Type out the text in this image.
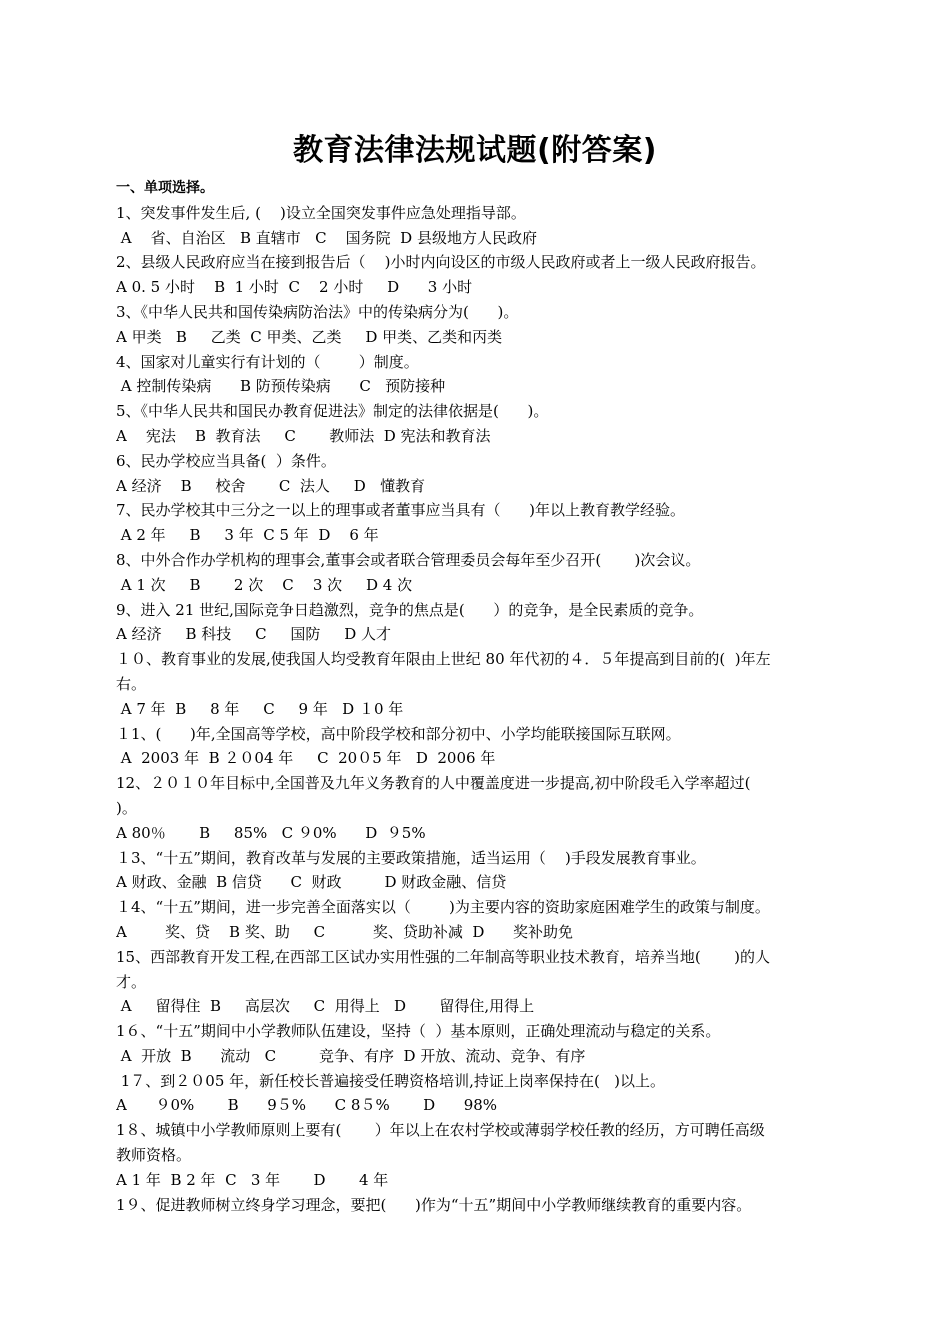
教育法律法规试题(附答案)
一、单项选择。
1、突发事件发生后, (    )设立全国突发事件应急处理指导部。
A    省、自治区   B 直辖市   C    国务院  D 县级地方人民政府
2、县级人民政府应当在接到报告后（    )小时内向设区的市级人民政府或者上一级人民政府报告。
A 0. 5 小时    B  1 小时  C    2 小时     D      3 小时
3、《中华人民共和国传染病防治法》中的传染病分为(      )。
A 甲类   B     乙类  C 甲类、乙类     D 甲类、乙类和丙类
4、国家对儿童实行有计划的（        ）制度。
A 控制传染病      B 防预传染病      C   预防接种
5、《中华人民共和国民办教育促进法》制定的法律依据是(      )。
A    宪法    B  教育法     C       教师法  D 宪法和教育法
6、民办学校应当具备(  ）条件。
A 经济    B     校舍       C  法人     D   懂教育
7、民办学校其中三分之一以上的理事或者董事应当具有（      )年以上教育教学经验。
A 2 年     B     3 年  C 5 年  D    6 年
8、中外合作办学机构的理事会,董事会或者联合管理委员会每年至少召开(       )次会议。
A 1 次     B       2 次    C    3 次     D 4 次
9、进入 21 世纪,国际竞争日趋激烈，竞争的焦点是(      ）的竞争，是全民素质的竞争。
A 经济     B 科技     C     国防     D 人才
１０、教育事业的发展,使我国人均受教育年限由上世纪 80 年代初的４．５年提高到目前的(  )年左
右。
A 7 年  B     8 年     C     9 年   D １0 年
１1、(      )年,全国高等学校，高中阶段学校和部分初中、小学均能联接国际互联网。
A  2003 年  B ２０04 年     C  20０5 年   D  2006 年
12、２０１０年目标中,全国普及九年义务教育的人中覆盖度进一步提高,初中阶段毛入学率超过(
)。
A 80％       B     85%   C ９0%      D  ９5%
１3、“十五”期间，教育改革与发展的主要政策措施，适当运用（    )手段发展教育事业。
A 财政、金融  B 信贷      C  财政         D 财政金融、信贷
１4、“十五”期间，进一步完善全面落实以（        )为主要内容的资助家庭困难学生的政策与制度。
A        奖、贷    B 奖、助     C          奖、贷助补减  D      奖补助免
15、西部教育开发工程,在西部工区试办实用性强的二年制高等职业技术教育，培养当地(       )的人
才。
A     留得住  B     高层次     C  用得上   D       留得住,用得上
1６、“十五”期间中小学教师队伍建设，坚持（  ）基本原则，正确处理流动与稳定的关系。
A  开放  B      流动   C         竞争、有序  D 开放、流动、竞争、有序
1７、到２０05 年，新任校长普遍接受任聘资格培训,持证上岗率保持在(   )以上。
A      ９0%       B      9５%      C 8５%       D      98%
1８、城镇中小学教师原则上要有(       ）年以上在农村学校或薄弱学校任教的经历，方可聘任高级
教师资格。
A 1 年  B 2 年  C   3 年       D       4 年
1９、促进教师树立终身学习理念，要把(      )作为“十五”期间中小学教师继续教育的重要内容。
